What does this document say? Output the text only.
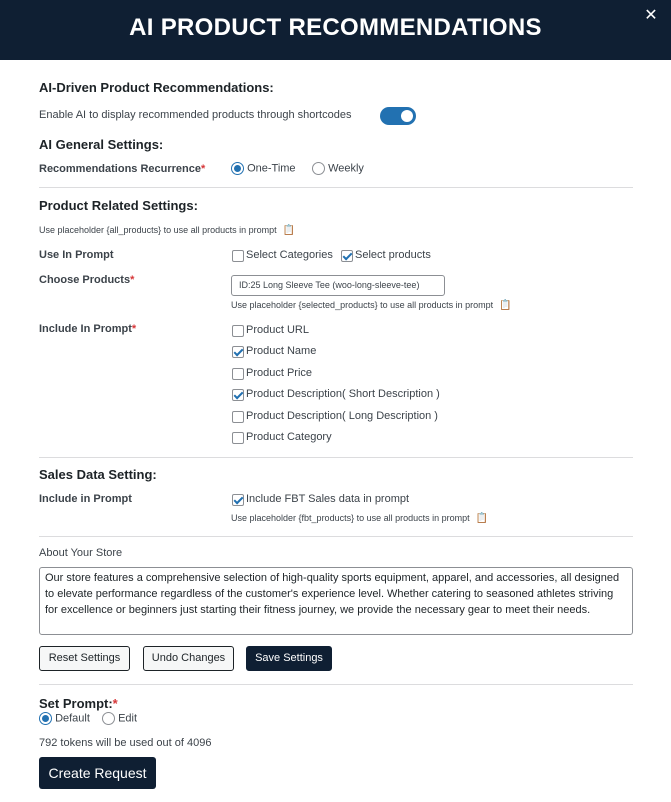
AI PRODUCT RECOMMENDATIONS	✕
AI-Driven Product Recommendations:
Enable AI to display recommended products through shortcodes
AI General Settings:
Recommendations Recurrence*	One-Time	Weekly
Product Related Settings:
Use placeholder {all_products} to use all products in prompt 📋
Use In Prompt	Select Categories Select products
Choose Products*	ID:25 Long Sleeve Tee (woo-long-sleeve-tee)
Use placeholder {selected_products} to use all products in prompt 📋
Include In Prompt*	Product URL
Product Name
Product Price
Product Description( Short Description )
Product Description( Long Description )
Product Category
Sales Data Setting:
Include in Prompt	Include FBT Sales data in prompt
Use placeholder {fbt_products} to use all products in prompt 📋
About Your Store
Our store features a comprehensive selection of high-quality sports equipment, apparel, and accessories, all designed to elevate performance regardless of the customer's experience level. Whether catering to seasoned athletes striving for excellence or beginners just starting their fitness journey, we provide the necessary gear to meet their needs.
Reset Settings	Undo Changes	Save Settings
Set Prompt:*
Default	Edit
792 tokens will be used out of 4096
Create Request
